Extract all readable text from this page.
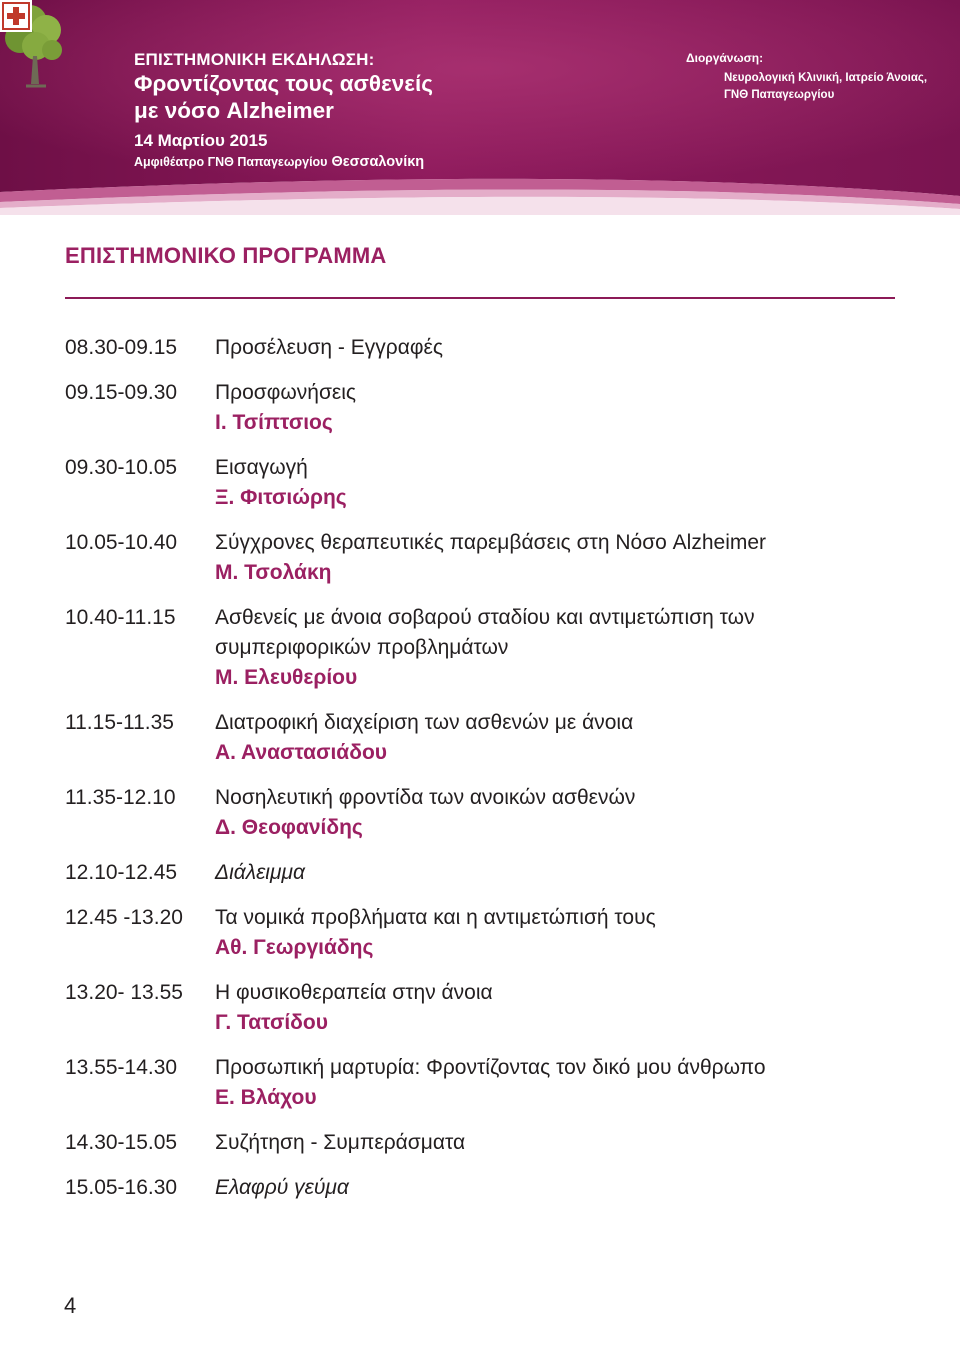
ΕΠΙΣΤΗΜΟΝΙΚΗ ΕΚΔΗΛΩΣΗ:
Φροντίζοντας τους ασθενείς
με νόσο Alzheimer
14 Μαρτίου 2015
Αμφιθέατρο ΓΝΘ Παπαγεωργίου Θεσσαλονίκη
Διοργάνωση:
Νευρολογική Κλινική, Ιατρείο Άνοιας,
ΓΝΘ Παπαγεωργίου
ΕΠΙΣΤΗΜΟΝΙΚΟ ΠΡΟΓΡΑΜΜΑ
08.30-09.15	Προσέλευση - Εγγραφές
09.15-09.30	Προσφωνήσεις
Ι. Τσίπτσιος
09.30-10.05	Εισαγωγή
Ξ. Φιτσιώρης
10.05-10.40	Σύγχρονες θεραπευτικές παρεμβάσεις στη Νόσο Alzheimer
Μ. Τσολάκη
10.40-11.15	Ασθενείς με άνοια σοβαρού σταδίου και αντιμετώπιση των
συμπεριφορικών προβλημάτων
Μ. Ελευθερίου
11.15-11.35	Διατροφική διαχείριση των ασθενών με άνοια
Α. Αναστασιάδου
11.35-12.10	Νοσηλευτική φροντίδα των ανοικών ασθενών
Δ. Θεοφανίδης
12.10-12.45	Διάλειμμα
12.45 -13.20	Τα νομικά προβλήματα και η αντιμετώπισή τους
Αθ. Γεωργιάδης
13.20- 13.55	Η φυσικοθεραπεία στην άνοια
Γ. Τατσίδου
13.55-14.30	Προσωπική μαρτυρία: Φροντίζοντας τον δικό μου άνθρωπο
Ε. Βλάχου
14.30-15.05	Συζήτηση - Συμπεράσματα
15.05-16.30	Ελαφρύ γεύμα
4
